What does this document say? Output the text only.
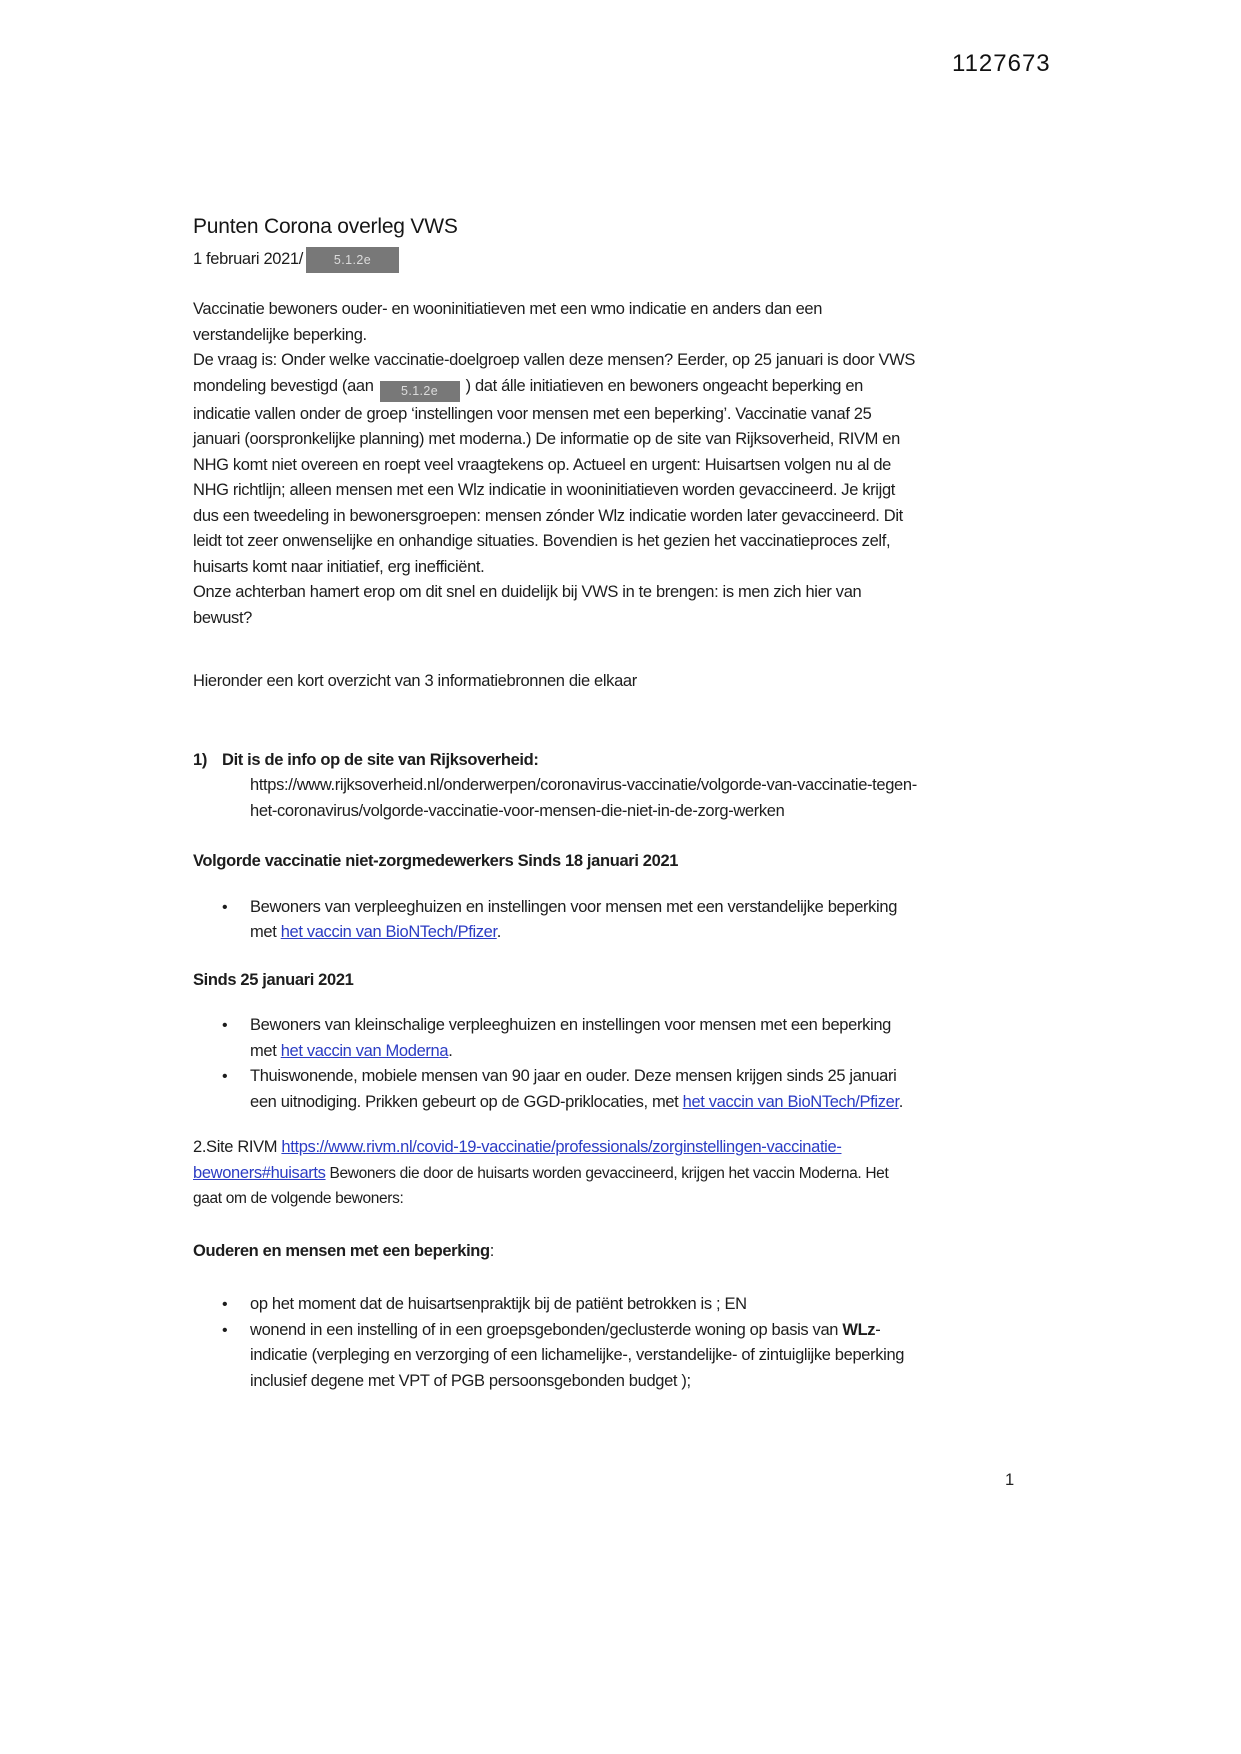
1127673
Punten Corona overleg VWS
1 februari 2021/	5.1.2e

Vaccinatie bewoners ouder- en wooninitiatieven met een wmo indicatie en anders dan een verstandelijke beperking.
De vraag is: Onder welke vaccinatie-doelgroep vallen deze mensen? Eerder, op 25 januari is door VWS mondeling bevestigd (aan 5.1.2e ) dat álle initiatieven en bewoners ongeacht beperking en indicatie vallen onder de groep ‘instellingen voor mensen met een beperking’. Vaccinatie vanaf 25 januari (oorspronkelijke planning) met moderna.) De informatie op de site van Rijksoverheid, RIVM en NHG komt niet overeen en roept veel vraagtekens op. Actueel en urgent: Huisartsen volgen nu al de NHG richtlijn; alleen mensen met een Wlz indicatie in wooninitiatieven worden gevaccineerd. Je krijgt dus een tweedeling in bewonersgroepen: mensen zónder Wlz indicatie worden later gevaccineerd. Dit leidt tot zeer onwenselijke en onhandige situaties. Bovendien is het gezien het vaccinatieproces zelf, huisarts komt naar initiatief, erg inefficiënt.
Onze achterban hamert erop om dit snel en duidelijk bij VWS in te brengen: is men zich hier van bewust?

Hieronder een kort overzicht van 3 informatiebronnen die elkaar

1) Dit is de info op de site van Rijksoverheid:
https://www.rijksoverheid.nl/onderwerpen/coronavirus-vaccinatie/volgorde-van-vaccinatie-tegen-het-coronavirus/volgorde-vaccinatie-voor-mensen-die-niet-in-de-zorg-werken

Volgorde vaccinatie niet-zorgmedewerkers Sinds 18 januari 2021

• Bewoners van verpleeghuizen en instellingen voor mensen met een verstandelijke beperking met het vaccin van BioNTech/Pfizer.

Sinds 25 januari 2021

• Bewoners van kleinschalige verpleeghuizen en instellingen voor mensen met een beperking met het vaccin van Moderna.
• Thuiswonende, mobiele mensen van 90 jaar en ouder. Deze mensen krijgen sinds 25 januari een uitnodiging. Prikken gebeurt op de GGD-priklocaties, met het vaccin van BioNTech/Pfizer.

2.Site RIVM https://www.rivm.nl/covid-19-vaccinatie/professionals/zorginstellingen-vaccinatie-bewoners#huisarts Bewoners die door de huisarts worden gevaccineerd, krijgen het vaccin Moderna. Het gaat om de volgende bewoners:

Ouderen en mensen met een beperking:

• op het moment dat de huisartsenpraktijk bij de patiënt betrokken is ; EN
• wonend in een instelling of in een groepsgebonden/geclusterde woning op basis van WLz-indicatie (verpleging en verzorging of een lichamelijke-, verstandelijke- of zintuiglijke beperking inclusief degene met VPT of PGB persoonsgebonden budget );
1
